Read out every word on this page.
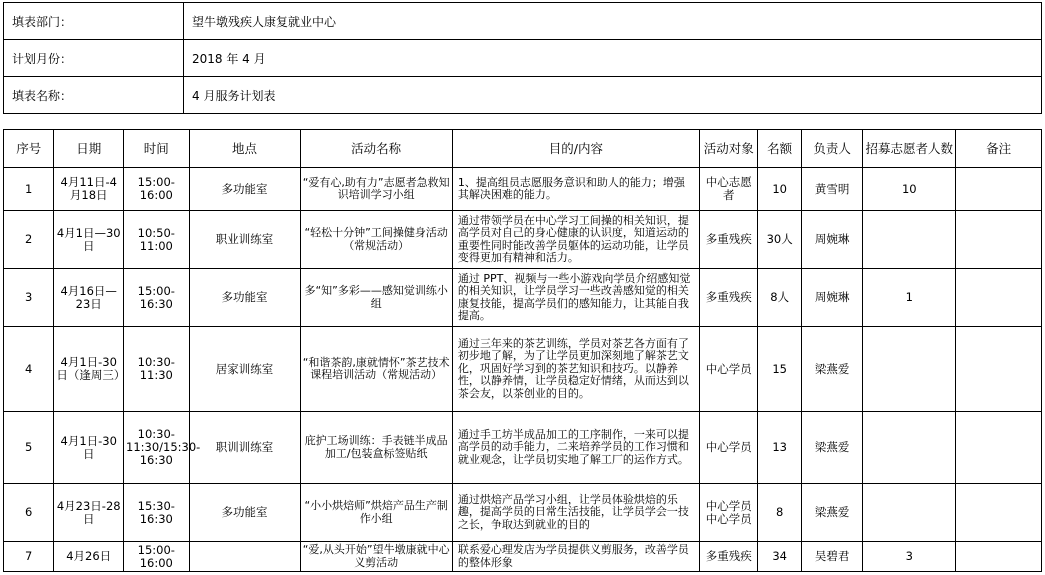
填表部门：	望牛墩残疾人康复就业中心
计划月份：	2018 年 4 月
填表名称：	4 月服务计划表
序号	日期	时间	地点	活动名称	目的/内容	活动对象	名额	负责人	招募志愿者人数	备注
1	4月11日-4月18日	15:00-16:00	多功能室	“爱有心,助有力”志愿者急救知识培训学习小组	1、提高组员志愿服务意识和助人的能力；增强其解决困难的能力。	中心志愿者	10	黄雪明	10	
2	4月1日—30日	10:50-11:00	职业训练室	“轻松十分钟”工间操健身活动（常规活动）	通过带领学员在中心学习工间操的相关知识，提高学员对自己的身心健康的认识度，知道运动的重要性同时能改善学员躯体的运动功能，让学员变得更加有精神和活力。	多重残疾	30人	周婉琳		
3	4月16日—23日	15:00-16:30	多功能室	多“知”多彩——感知觉训练小组	通过 PPT、视频与一些小游戏向学员介绍感知觉的相关知识，让学员学习一些改善感知觉的相关康复技能，提高学员们的感知能力，让其能自我提高。	多重残疾	8人	周婉琳	1	
4	4月1日-30日（逢周三）	10:30-11:30	居家训练室	“和谐茶韵,康就情怀”茶艺技术课程培训活动（常规活动）	通过三年来的茶艺训练，学员对茶艺各方面有了初步地了解，为了让学员更加深刻地了解茶艺文化，巩固好学习到的茶艺知识和技巧。以静养性，以静养情，让学员稳定好情绪，从而达到以茶会友，以茶创业的目的。	中心学员	15	梁燕爱		
5	4月1日-30日	10:30-11:30/15:30-16:30	职训训练室	庇护工场训练：手表链半成品加工/包装盒标签贴纸	通过手工坊半成品加工的工序制作，一来可以提高学员的动手能力，二来培养学员的工作习惯和就业观念，让学员切实地了解工厂的运作方式。	中心学员	13	梁燕爱		
6	4月23日-28日	15:30-16:30	多功能室	“小小烘焙师”烘焙产品生产制作小组	通过烘焙产品学习小组，让学员体验烘焙的乐趣，提高学员的日常生活技能，让学员学会一技之长，争取达到就业的目的	中心学员中心学员	8	梁燕爱		
7	4月26日	15:00-16:00		“爱,从头开始”望牛墩康就中心义剪活动	联系爱心理发店为学员提供义剪服务，改善学员的整体形象	多重残疾	34	吴碧君	3	
